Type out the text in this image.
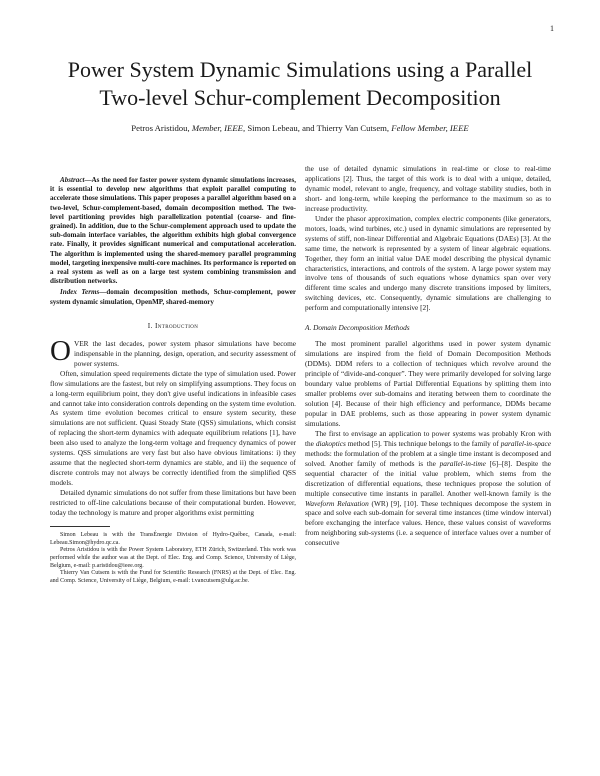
1
Power System Dynamic Simulations using a Parallel
Two-level Schur-complement Decomposition
Petros Aristidou, Member, IEEE, Simon Lebeau, and Thierry Van Cutsem, Fellow Member, IEEE

Abstract—As the need for faster power system dynamic simulations increases, it is essential to develop new algorithms that exploit parallel computing to accelerate those simulations. This paper proposes a parallel algorithm based on a two-level, Schur-complement-based, domain decomposition method. The two-level partitioning provides high parallelization potential (coarse- and fine-grained). In addition, due to the Schur-complement approach used to update the sub-domain interface variables, the algorithm exhibits high global convergence rate. Finally, it provides significant numerical and computational acceleration. The algorithm is implemented using the shared-memory parallel programming model, targeting inexpensive multi-core machines. Its performance is reported on a real system as well as on a large test system combining transmission and distribution networks.

Index Terms—domain decomposition methods, Schur-complement, power system dynamic simulation, OpenMP, shared-memory

I. Introduction

OVER the last decades, power system phasor simulations have become indispensable in the planning, design, operation, and security assessment of power systems.

Often, simulation speed requirements dictate the type of simulation used. Power flow simulations are the fastest, but rely on simplifying assumptions. They focus on a long-term equilibrium point, they don't give useful indications in infeasible cases and cannot take into consideration controls depending on the system time evolution. As system time evolution becomes critical to ensure system security, these simulations are not sufficient. Quasi Steady State (QSS) simulations, which consist of replacing the short-term dynamics with adequate equilibrium relations [1], have been also used to analyze the long-term voltage and frequency dynamics of power systems. QSS simulations are very fast but also have obvious limitations: i) they assume that the neglected short-term dynamics are stable, and ii) the sequence of discrete controls may not always be correctly identified from the simplified QSS models.

Detailed dynamic simulations do not suffer from these limitations but have been restricted to off-line calculations because of their computational burden. However, today the technology is mature and proper algorithms exist permitting

Simon Lebeau is with the TransÉnergie Division of Hydro-Québec, Canada, e-mail: Lebeau.Simon@hydro.qc.ca.

Petros Aristidou is with the Power System Laboratory, ETH Zürich, Switzerland. This work was performed while the author was at the Dept. of Elec. Eng. and Comp. Science, University of Liège, Belgium, e-mail: p.aristidou@ieee.org.

Thierry Van Cutsem is with the Fund for Scientific Research (FNRS) at the Dept. of Elec. Eng. and Comp. Science, University of Liège, Belgium, e-mail: t.vancutsem@ulg.ac.be.

the use of detailed dynamic simulations in real-time or close to real-time applications [2]. Thus, the target of this work is to deal with a unique, detailed, dynamic model, relevant to angle, frequency, and voltage stability studies, both in short- and long-term, while keeping the performance to the maximum so as to increase productivity.

Under the phasor approximation, complex electric components (like generators, motors, loads, wind turbines, etc.) used in dynamic simulations are represented by systems of stiff, non-linear Differential and Algebraic Equations (DAEs) [3]. At the same time, the network is represented by a system of linear algebraic equations. Together, they form an initial value DAE model describing the physical dynamic characteristics, interactions, and controls of the system. A large power system may involve tens of thousands of such equations whose dynamics span over very different time scales and undergo many discrete transitions imposed by limiters, switching devices, etc. Consequently, dynamic simulations are challenging to perform and computationally intensive [2].

A. Domain Decomposition Methods

The most prominent parallel algorithms used in power system dynamic simulations are inspired from the field of Domain Decomposition Methods (DDMs). DDM refers to a collection of techniques which revolve around the principle of “divide-and-conquer”. They were primarily developed for solving large boundary value problems of Partial Differential Equations by splitting them into smaller problems over sub-domains and iterating between them to coordinate the solution [4]. Because of their high efficiency and performance, DDMs became popular in DAE problems, such as those appearing in power system dynamic simulations.

The first to envisage an application to power systems was probably Kron with the diakoptics method [5]. This technique belongs to the family of parallel-in-space methods: the formulation of the problem at a single time instant is decomposed and solved. Another family of methods is the parallel-in-time [6]–[8]. Despite the sequential character of the initial value problem, which stems from the discretization of differential equations, these techniques propose the solution of multiple consecutive time instants in parallel. Another well-known family is the Waveform Relaxation (WR) [9], [10]. These techniques decompose the system in space and solve each sub-domain for several time instances (time window interval) before exchanging the interface values. Hence, these values consist of waveforms from neighboring sub-systems (i.e. a sequence of interface values over a number of consecutive
